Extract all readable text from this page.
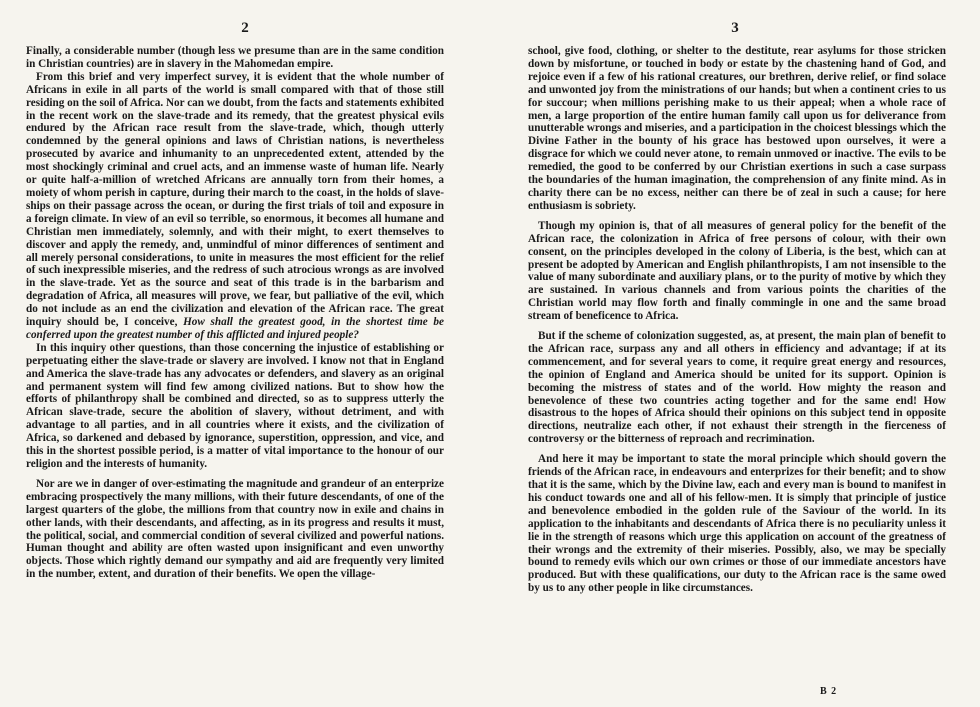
2

Finally, a considerable number (though less we presume than are in the same condition in Christian countries) are in slavery in the Mahomedan empire.

From this brief and very imperfect survey, it is evident that the whole number of Africans in exile in all parts of the world is small compared with that of those still residing on the soil of Africa. Nor can we doubt, from the facts and statements exhibited in the recent work on the slave-trade and its remedy, that the greatest physical evils endured by the African race result from the slave-trade, which, though utterly condemned by the general opinions and laws of Christian nations, is nevertheless prosecuted by avarice and inhumanity to an unprecedented extent, attended by the most shockingly criminal and cruel acts, and an immense waste of human life. Nearly or quite half-a-million of wretched Africans are annually torn from their homes, a moiety of whom perish in capture, during their march to the coast, in the holds of slave-ships on their passage across the ocean, or during the first trials of toil and exposure in a foreign climate. In view of an evil so terrible, so enormous, it becomes all humane and Christian men immediately, solemnly, and with their might, to exert themselves to discover and apply the remedy, and, unmindful of minor differences of sentiment and all merely personal considerations, to unite in measures the most efficient for the relief of such inexpressible miseries, and the redress of such atrocious wrongs as are involved in the slave-trade. Yet as the source and seat of this trade is in the barbarism and degradation of Africa, all measures will prove, we fear, but palliative of the evil, which do not include as an end the civilization and elevation of the African race. The great inquiry should be, I conceive, How shall the greatest good, in the shortest time be conferred upon the greatest number of this afflicted and injured people?

In this inquiry other questions, than those concerning the injustice of establishing or perpetuating either the slave-trade or slavery are involved. I know not that in England and America the slave-trade has any advocates or defenders, and slavery as an original and permanent system will find few among civilized nations. But to show how the efforts of philanthropy shall be combined and directed, so as to suppress utterly the African slave-trade, secure the abolition of slavery, without detriment, and with advantage to all parties, and in all countries where it exists, and the civilization of Africa, so darkened and debased by ignorance, superstition, oppression, and vice, and this in the shortest possible period, is a matter of vital importance to the honour of our religion and the interests of humanity.

Nor are we in danger of over-estimating the magnitude and grandeur of an enterprize embracing prospectively the many millions, with their future descendants, of one of the largest quarters of the globe, the millions from that country now in exile and chains in other lands, with their descendants, and affecting, as in its progress and results it must, the political, social, and commercial condition of several civilized and powerful nations. Human thought and ability are often wasted upon insignificant and even unworthy objects. Those which rightly demand our sympathy and aid are frequently very limited in the number, extent, and duration of their benefits. We open the village-

3

school, give food, clothing, or shelter to the destitute, rear asylums for those stricken down by misfortune, or touched in body or estate by the chastening hand of God, and rejoice even if a few of his rational creatures, our brethren, derive relief, or find solace and unwonted joy from the ministrations of our hands; but when a continent cries to us for succour; when millions perishing make to us their appeal; when a whole race of men, a large proportion of the entire human family call upon us for deliverance from unutterable wrongs and miseries, and a participation in the choicest blessings which the Divine Father in the bounty of his grace has bestowed upon ourselves, it were a disgrace for which we could never atone, to remain unmoved or inactive. The evils to be remedied, the good to be conferred by our Christian exertions in such a case surpass the boundaries of the human imagination, the comprehension of any finite mind. As in charity there can be no excess, neither can there be of zeal in such a cause; for here enthusiasm is sobriety.

Though my opinion is, that of all measures of general policy for the benefit of the African race, the colonization in Africa of free persons of colour, with their own consent, on the principles developed in the colony of Liberia, is the best, which can at present be adopted by American and English philanthropists, I am not insensible to the value of many subordinate and auxiliary plans, or to the purity of motive by which they are sustained. In various channels and from various points the charities of the Christian world may flow forth and finally commingle in one and the same broad stream of beneficence to Africa.

But if the scheme of colonization suggested, as, at present, the main plan of benefit to the African race, surpass any and all others in efficiency and advantage; if at its commencement, and for several years to come, it require great energy and resources, the opinion of England and America should be united for its support. Opinion is becoming the mistress of states and of the world. How mighty the reason and benevolence of these two countries acting together and for the same end! How disastrous to the hopes of Africa should their opinions on this subject tend in opposite directions, neutralize each other, if not exhaust their strength in the fierceness of controversy or the bitterness of reproach and recrimination.

And here it may be important to state the moral principle which should govern the friends of the African race, in endeavours and enterprizes for their benefit; and to show that it is the same, which by the Divine law, each and every man is bound to manifest in his conduct towards one and all of his fellow-men. It is simply that principle of justice and benevolence embodied in the golden rule of the Saviour of the world. In its application to the inhabitants and descendants of Africa there is no peculiarity unless it lie in the strength of reasons which urge this application on account of the greatness of their wrongs and the extremity of their miseries. Possibly, also, we may be specially bound to remedy evils which our own crimes or those of our immediate ancestors have produced. But with these qualifications, our duty to the African race is the same owed by us to any other people in like circumstances.

B 2
